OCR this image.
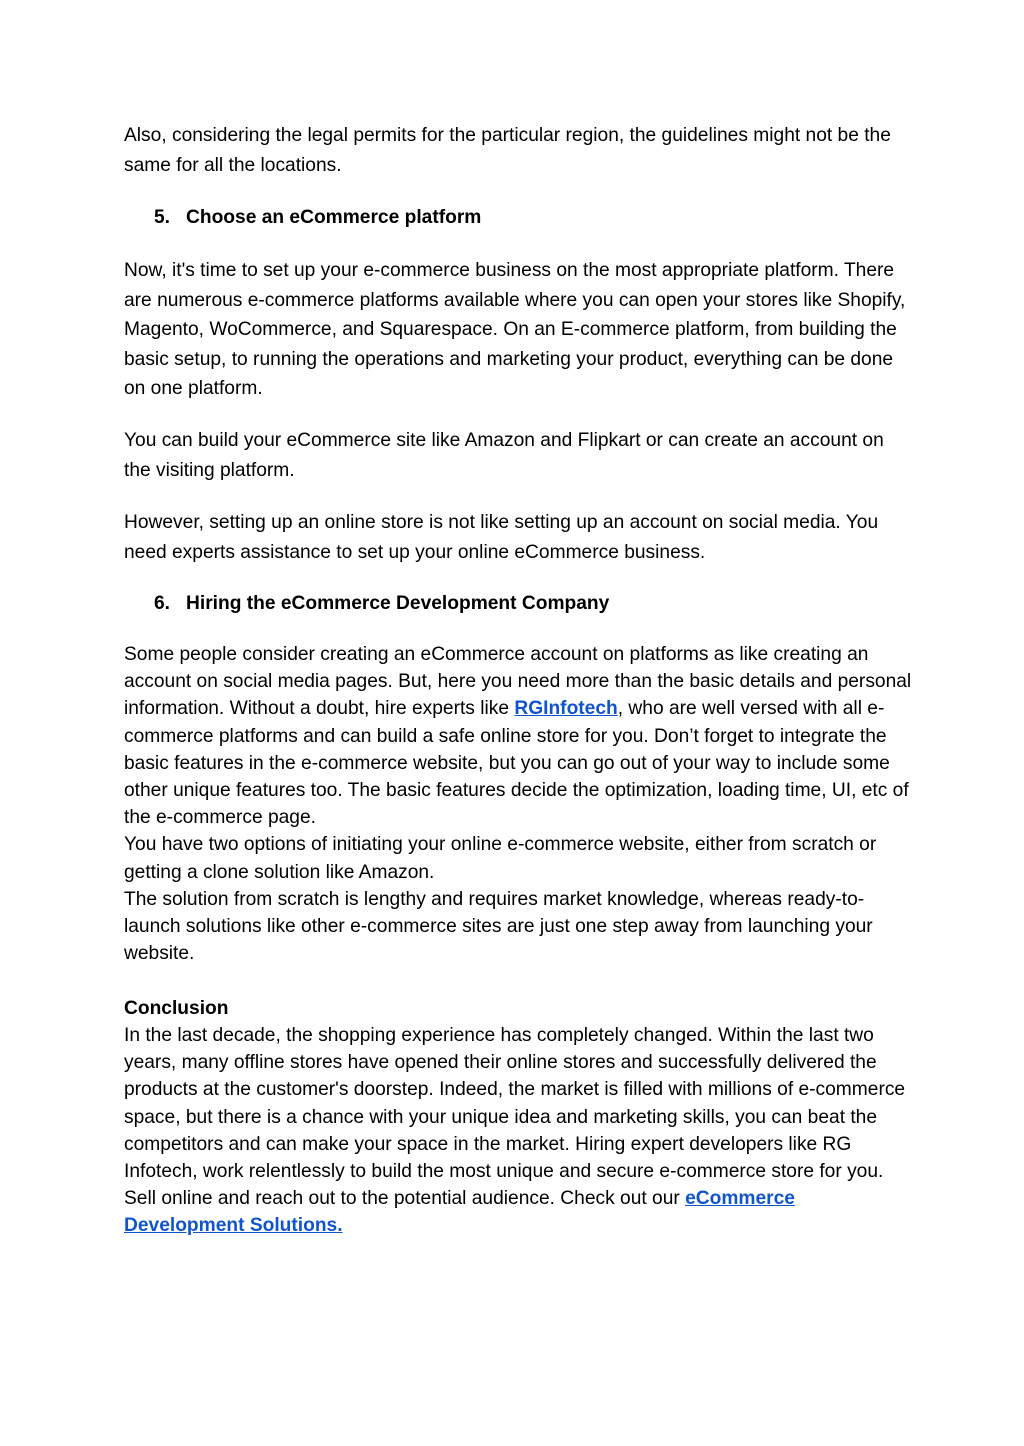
Also, considering the legal permits for the particular region, the guidelines might not be the same for all the locations.

5. Choose an eCommerce platform

Now, it's time to set up your e-commerce business on the most appropriate platform. There are numerous e-commerce platforms available where you can open your stores like Shopify, Magento, WoCommerce, and Squarespace. On an E-commerce platform, from building the basic setup, to running the operations and marketing your product, everything can be done on one platform.

You can build your eCommerce site like Amazon and Flipkart or can create an account on the visiting platform.

However, setting up an online store is not like setting up an account on social media. You need experts assistance to set up your online eCommerce business.

6. Hiring the eCommerce Development Company

Some people consider creating an eCommerce account on platforms as like creating an account on social media pages. But, here you need more than the basic details and personal information. Without a doubt, hire experts like RGInfotech, who are well versed with all e-commerce platforms and can build a safe online store for you. Don’t forget to integrate the basic features in the e-commerce website, but you can go out of your way to include some other unique features too. The basic features decide the optimization, loading time, UI, etc of the e-commerce page.
You have two options of initiating your online e-commerce website, either from scratch or getting a clone solution like Amazon.
The solution from scratch is lengthy and requires market knowledge, whereas ready-to-launch solutions like other e-commerce sites are just one step away from launching your website.

Conclusion

In the last decade, the shopping experience has completely changed. Within the last two years, many offline stores have opened their online stores and successfully delivered the products at the customer's doorstep. Indeed, the market is filled with millions of e-commerce space, but there is a chance with your unique idea and marketing skills, you can beat the competitors and can make your space in the market. Hiring expert developers like RG Infotech, work relentlessly to build the most unique and secure e-commerce store for you. Sell online and reach out to the potential audience. Check out our eCommerce Development Solutions.
